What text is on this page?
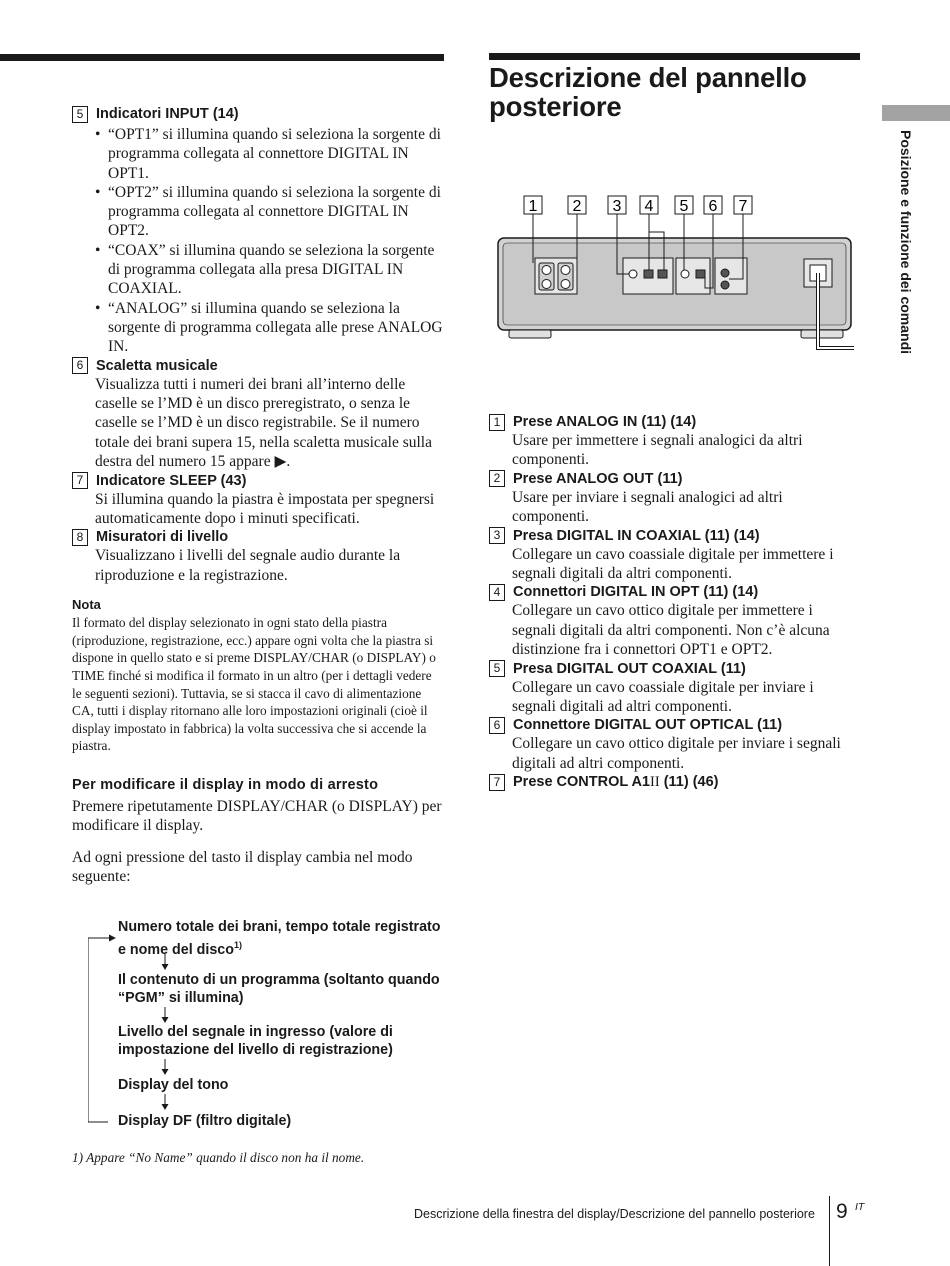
Posizione e funzione dei comandi
5 Indicatori INPUT (14)
• “OPT1” si illumina quando si seleziona la sorgente di programma collegata al connettore DIGITAL IN OPT1.
• “OPT2” si illumina quando si seleziona la sorgente di programma collegata al connettore DIGITAL IN OPT2.
• “COAX” si illumina quando se seleziona la sorgente di programma collegata alla presa DIGITAL IN COAXIAL.
• “ANALOG” si illumina quando se seleziona la sorgente di programma collegata alle prese ANALOG IN.
6 Scaletta musicale
Visualizza tutti i numeri dei brani all’interno delle caselle se l’MD è un disco preregistrato, o senza le caselle se l’MD è un disco registrabile. Se il numero totale dei brani supera 15, nella scaletta musicale sulla destra del numero 15 appare ▶.
7 Indicatore SLEEP (43)
Si illumina quando la piastra è impostata per spegnersi automaticamente dopo i minuti specificati.
8 Misuratori di livello
Visualizzano i livelli del segnale audio durante la riproduzione e la registrazione.
Nota
Il formato del display selezionato in ogni stato della piastra (riproduzione, registrazione, ecc.) appare ogni volta che la piastra si dispone in quello stato e si preme DISPLAY/CHAR (o DISPLAY) o TIME finché si modifica il formato in un altro (per i dettagli vedere le seguenti sezioni). Tuttavia, se si stacca il cavo di alimentazione CA, tutti i display ritornano alle loro impostazioni originali (cioè il display impostato in fabbrica) la volta successiva che si accende la piastra.
Per modificare il display in modo di arresto
Premere ripetutamente DISPLAY/CHAR (o DISPLAY) per modificare il display.
Ad ogni pressione del tasto il display cambia nel modo seguente:
Numero totale dei brani, tempo totale registrato e nome del disco$^{1)}$
Il contenuto di un programma (soltanto quando “PGM” si illumina)
Livello del segnale in ingresso (valore di impostazione del livello di registrazione)
Display del tono
Display DF (filtro digitale)
1) Appare “No Name” quando il disco non ha il nome.
Descrizione del pannello
posteriore
1 2 3 4 5 6 7
1 Prese ANALOG IN (11) (14)
Usare per immettere i segnali analogici da altri componenti.
2 Prese ANALOG OUT (11)
Usare per inviare i segnali analogici ad altri componenti.
3 Presa DIGITAL IN COAXIAL (11) (14)
Collegare un cavo coassiale digitale per immettere i segnali digitali da altri componenti.
4 Connettori DIGITAL IN OPT (11) (14)
Collegare un cavo ottico digitale per immettere i segnali digitali da altri componenti. Non c’è alcuna distinzione fra i connettori OPT1 e OPT2.
5 Presa DIGITAL OUT COAXIAL (11)
Collegare un cavo coassiale digitale per inviare i segnali digitali ad altri componenti.
6 Connettore DIGITAL OUT OPTICAL (11)
Collegare un cavo ottico digitale per inviare i segnali digitali ad altri componenti.
7 Prese CONTROL A1II (11) (46)
Descrizione della finestra del display/Descrizione del pannello posteriore 9 IT
